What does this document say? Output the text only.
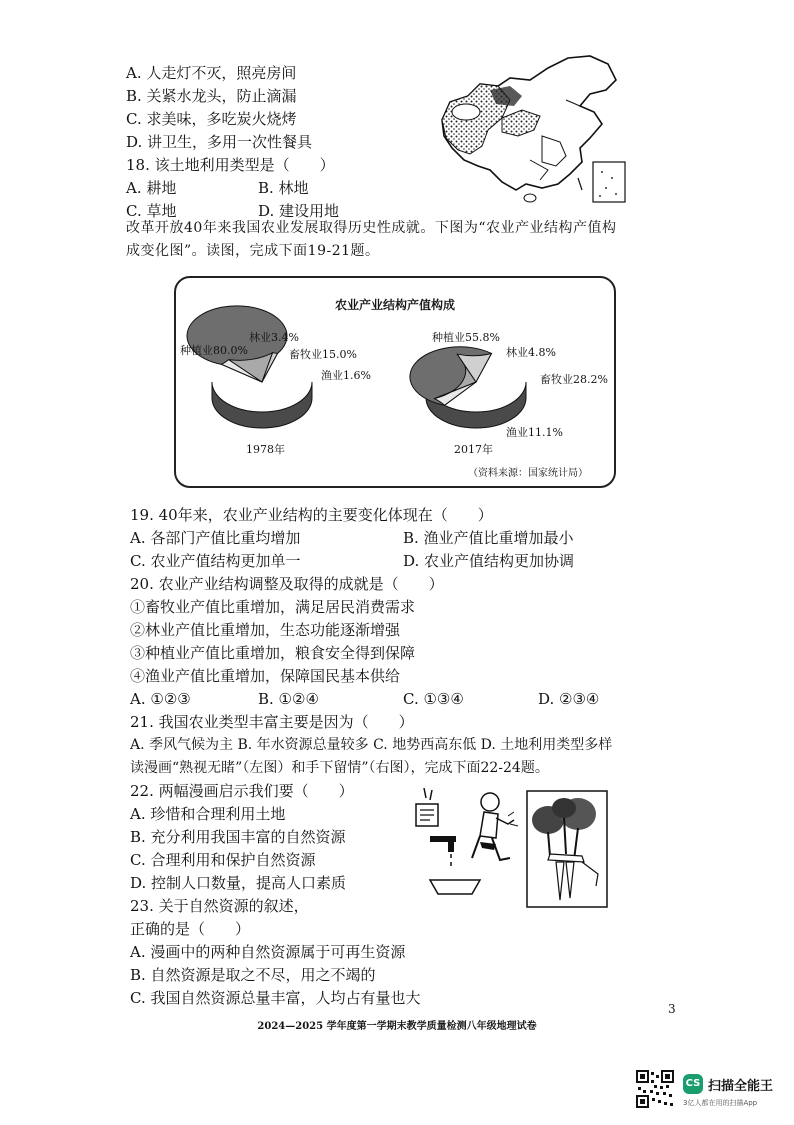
A. 人走灯不灭，照亮房间
B. 关紧水龙头，防止滴漏
C. 求美味，多吃炭火烧烤
D. 讲卫生，多用一次性餐具
18. 该土地利用类型是（　　）
A. 耕地	B. 林地
C. 草地	D. 建设用地
改革开放40年来我国农业发展取得历史性成就。下图为“农业产业结构产值构
成变化图”。读图，完成下面19-21题。
农业产业结构产值构成
种植业80.0%
林业3.4%
畜牧业15.0%
渔业1.6%
1978年
种植业55.8%
林业4.8%
畜牧业28.2%
渔业11.1%
2017年
（资料来源：国家统计局）
19. 40年来，农业产业结构的主要变化体现在（　　）
A. 各部门产值比重均增加	B. 渔业产值比重增加最小
C. 农业产值结构更加单一	D. 农业产值结构更加协调
20. 农业产业结构调整及取得的成就是（　　）
①畜牧业产值比重增加，满足居民消费需求
②林业产值比重增加，生态功能逐渐增强
③种植业产值比重增加，粮食安全得到保障
④渔业产值比重增加，保障国民基本供给
A. ①②③	B. ①②④	C. ①③④	D. ②③④
21. 我国农业类型丰富主要是因为（　　）
A. 季风气候为主 B. 年水资源总量较多 C. 地势西高东低 D. 土地利用类型多样
读漫画“熟视无睹”（左图）和手下留情”（右图），完成下面22-24题。
22. 两幅漫画启示我们要（　　）
A. 珍惜和合理利用土地
B. 充分利用我国丰富的自然资源
C. 合理利用和保护自然资源
D. 控制人口数量，提高人口素质
23. 关于自然资源的叙述，
正确的是（　　）
A. 漫画中的两种自然资源属于可再生资源
B. 自然资源是取之不尽，用之不竭的
C. 我国自然资源总量丰富，人均占有量也大
3
2024—2025 学年度第一学期末教学质量检测八年级地理试卷
CS 扫描全能王
3亿人都在用的扫描App
